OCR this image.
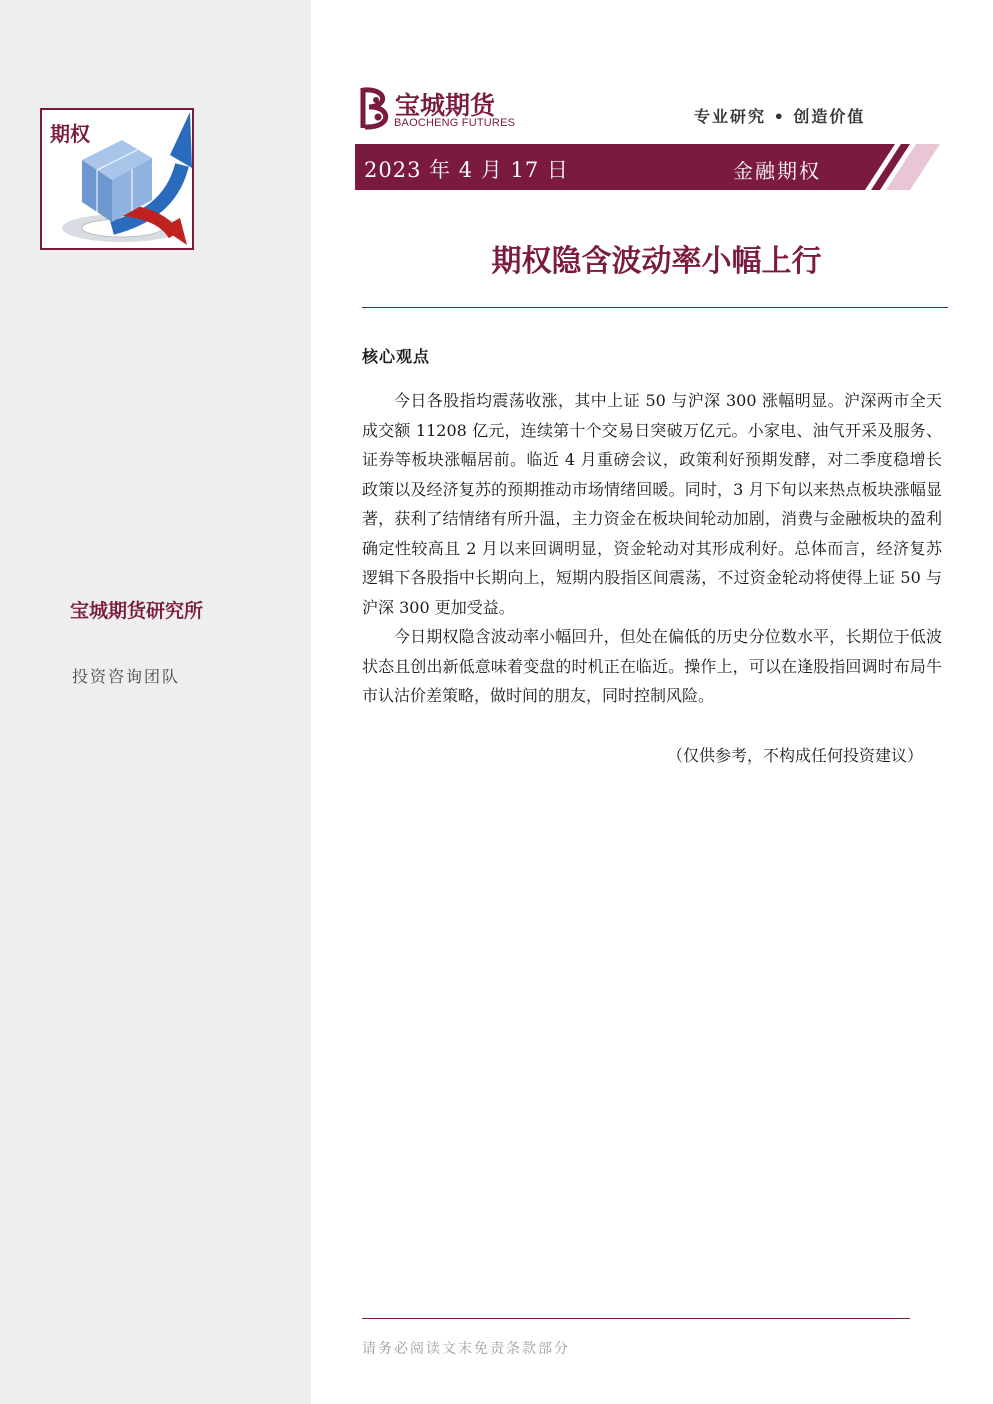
期权
宝城期货研究所
投资咨询团队
宝城期货
BAOCHENG FUTURES	专业研究 • 创造价值
2023 年 4 月 17 日	金融期权
期权隐含波动率小幅上行
核心观点

今日各股指均震荡收涨，其中上证 50 与沪深 300 涨幅明显。沪深两市全天成交额 11208 亿元，连续第十个交易日突破万亿元。小家电、油气开采及服务、证券等板块涨幅居前。临近 4 月重磅会议，政策利好预期发酵，对二季度稳增长政策以及经济复苏的预期推动市场情绪回暖。同时，3 月下旬以来热点板块涨幅显著，获利了结情绪有所升温，主力资金在板块间轮动加剧，消费与金融板块的盈利确定性较高且 2 月以来回调明显，资金轮动对其形成利好。总体而言，经济复苏逻辑下各股指中长期向上，短期内股指区间震荡，不过资金轮动将使得上证 50 与沪深 300 更加受益。

今日期权隐含波动率小幅回升，但处在偏低的历史分位数水平，长期位于低波状态且创出新低意味着变盘的时机正在临近。操作上，可以在逢股指回调时布局牛市认沽价差策略，做时间的朋友，同时控制风险。

（仅供参考，不构成任何投资建议）
请务必阅读文末免责条款部分
